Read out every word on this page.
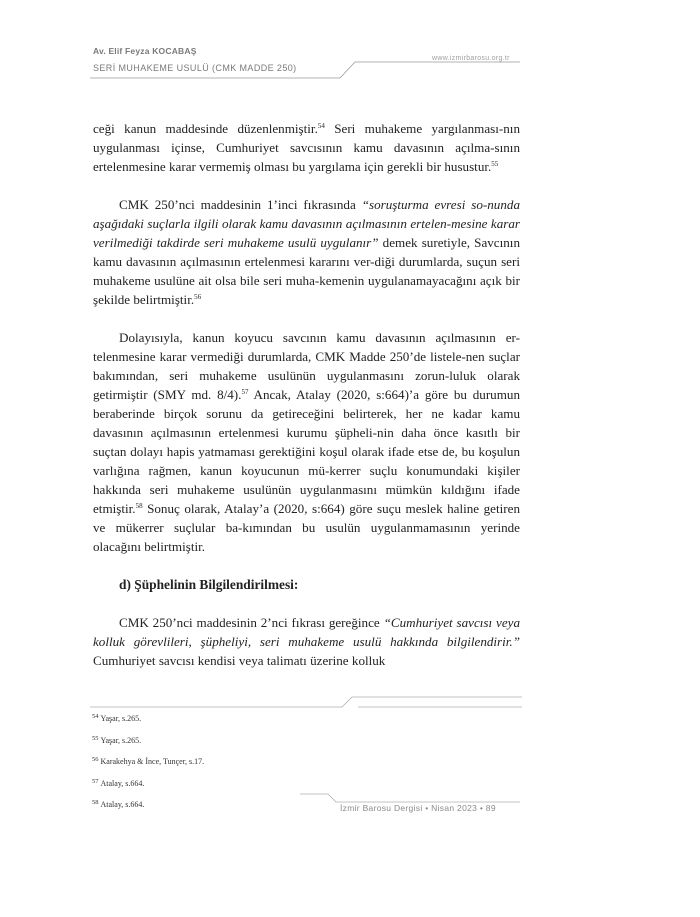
Av. Elif Feyza KOCABAŞ
www.izmirbarosu.org.tr
SERİ MUHAKEME USULÜ (CMK MADDE 250)

ceği kanun maddesinde düzenlenmiştir.$^{54}$ Seri muhakeme yargılanması-nın uygulanması içinse, Cumhuriyet savcısının kamu davasının açılma-sının ertelenmesine karar vermemiş olması bu yargılama için gerekli bir husustur.$^{55}$

CMK 250’nci maddesinin 1’inci fıkrasında “soruşturma evresi so-nunda aşağıdaki suçlarla ilgili olarak kamu davasının açılmasının ertelen-mesine karar verilmediği takdirde seri muhakeme usulü uygulanır” demek suretiyle, Savcının kamu davasının açılmasının ertelenmesi kararını ver-diği durumlarda, suçun seri muhakeme usulüne ait olsa bile seri muha-kemenin uygulanamayacağını açık bir şekilde belirtmiştir.$^{56}$

Dolayısıyla, kanun koyucu savcının kamu davasının açılmasının er-telenmesine karar vermediği durumlarda, CMK Madde 250’de listele-nen suçlar bakımından, seri muhakeme usulünün uygulanmasını zorun-luluk olarak getirmiştir (SMY md. 8/4).$^{57}$ Ancak, Atalay (2020, s:664)’a göre bu durumun beraberinde birçok sorunu da getireceğini belirterek, her ne kadar kamu davasının açılmasının ertelenmesi kurumu şüpheli-nin daha önce kasıtlı bir suçtan dolayı hapis yatmaması gerektiğini koşul olarak ifade etse de, bu koşulun varlığına rağmen, kanun koyucunun mü-kerrer suçlu konumundaki kişiler hakkında seri muhakeme usulünün uygulanmasını mümkün kıldığını ifade etmiştir.$^{58}$ Sonuç olarak, Atalay’a (2020, s:664) göre suçu meslek haline getiren ve mükerrer suçlular ba-kımından bu usulün uygulanmamasının yerinde olacağını belirtmiştir.

d) Şüphelinin Bilgilendirilmesi:

CMK 250’nci maddesinin 2’nci fıkrası gereğince “Cumhuriyet savcısı veya kolluk görevlileri, şüpheliyi, seri muhakeme usulü hakkında bilgilendirir.” Cumhuriyet savcısı kendisi veya talimatı üzerine kolluk

$^{54}$ Yaşar, s.265.
$^{55}$ Yaşar, s.265.
$^{56}$ Karakehya & İnce, Tunçer, s.17.
$^{57}$ Atalay, s.664.
$^{58}$ Atalay, s.664.	İzmir Barosu Dergisi • Nisan 2023 • 89
